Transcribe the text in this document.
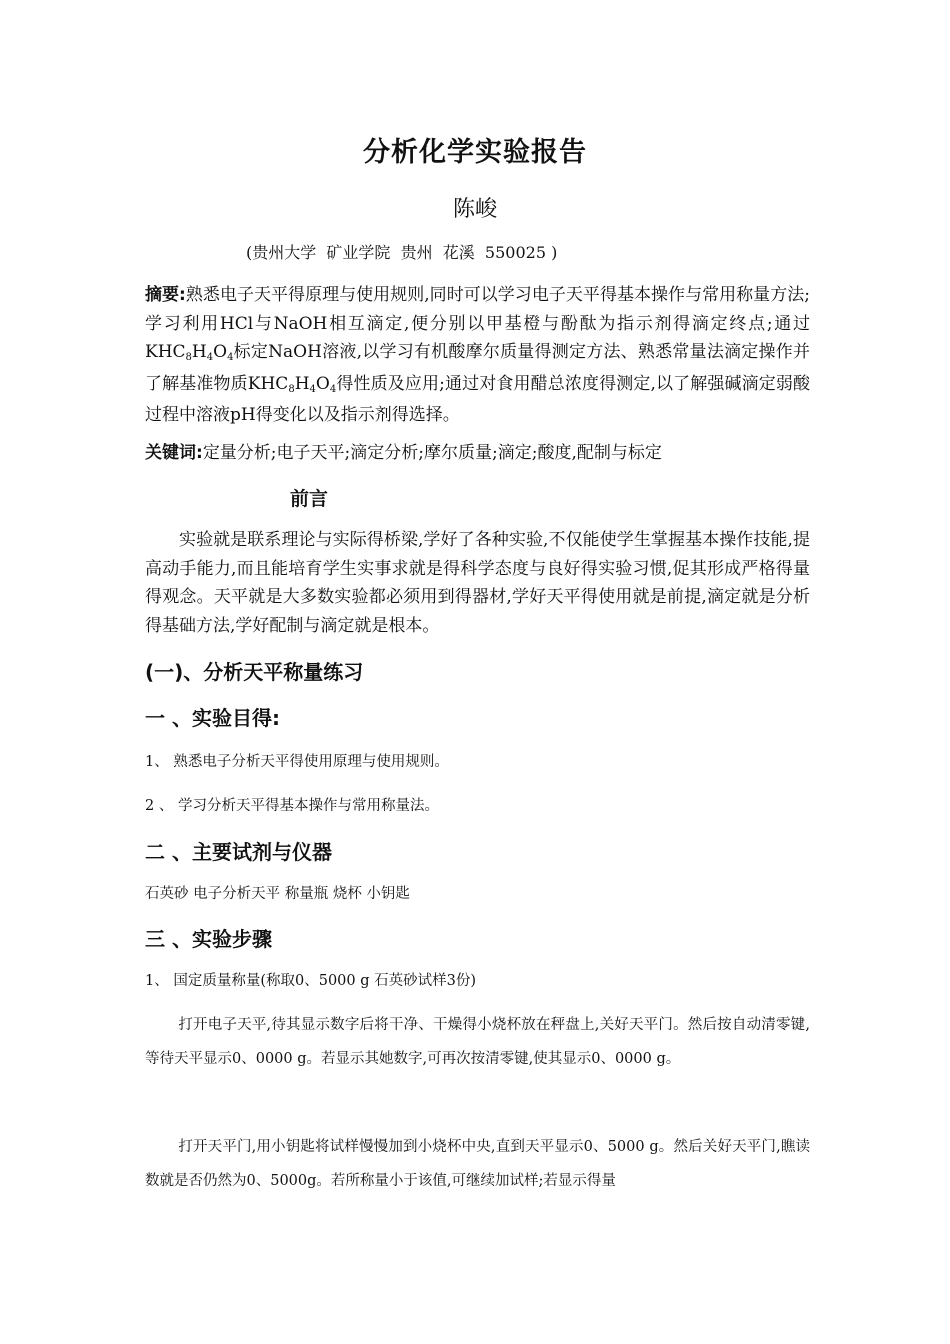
分析化学实验报告
陈峻
(贵州大学  矿业学院  贵州  花溪  550025 )
摘要:熟悉电子天平得原理与使用规则,同时可以学习电子天平得基本操作与常用称量方法;学习利用HCl与NaOH相互滴定,便分别以甲基橙与酚酞为指示剂得滴定终点;通过$KHC_8H_4O_4$标定NaOH溶液,以学习有机酸摩尔质量得测定方法、熟悉常量法滴定操作并了解基准物质$KHC_8H_4O_4$得性质及应用;通过对食用醋总浓度得测定,以了解强碱滴定弱酸过程中溶液pH得变化以及指示剂得选择。
关键词:定量分析;电子天平;滴定分析;摩尔质量;滴定;酸度,配制与标定
前言
实验就是联系理论与实际得桥梁,学好了各种实验,不仅能使学生掌握基本操作技能,提高动手能力,而且能培育学生实事求就是得科学态度与良好得实验习惯,促其形成严格得量得观念。天平就是大多数实验都必须用到得器材,学好天平得使用就是前提,滴定就是分析得基础方法,学好配制与滴定就是根本。
(一)、分析天平称量练习
一 、实验目得:
1、 熟悉电子分析天平得使用原理与使用规则。
2 、 学习分析天平得基本操作与常用称量法。
二 、主要试剂与仪器
石英砂 电子分析天平 称量瓶 烧杯 小钥匙
三 、实验步骤
1、 国定质量称量(称取0、5000 g 石英砂试样3份)
打开电子天平,待其显示数字后将干净、干燥得小烧杯放在秤盘上,关好天平门。然后按自动清零键,等待天平显示0、0000 g。若显示其她数字,可再次按清零键,使其显示0、0000 g。
打开天平门,用小钥匙将试样慢慢加到小烧杯中央,直到天平显示0、5000 g。然后关好天平门,瞧读数就是否仍然为0、5000g。若所称量小于该值,可继续加试样;若显示得量
